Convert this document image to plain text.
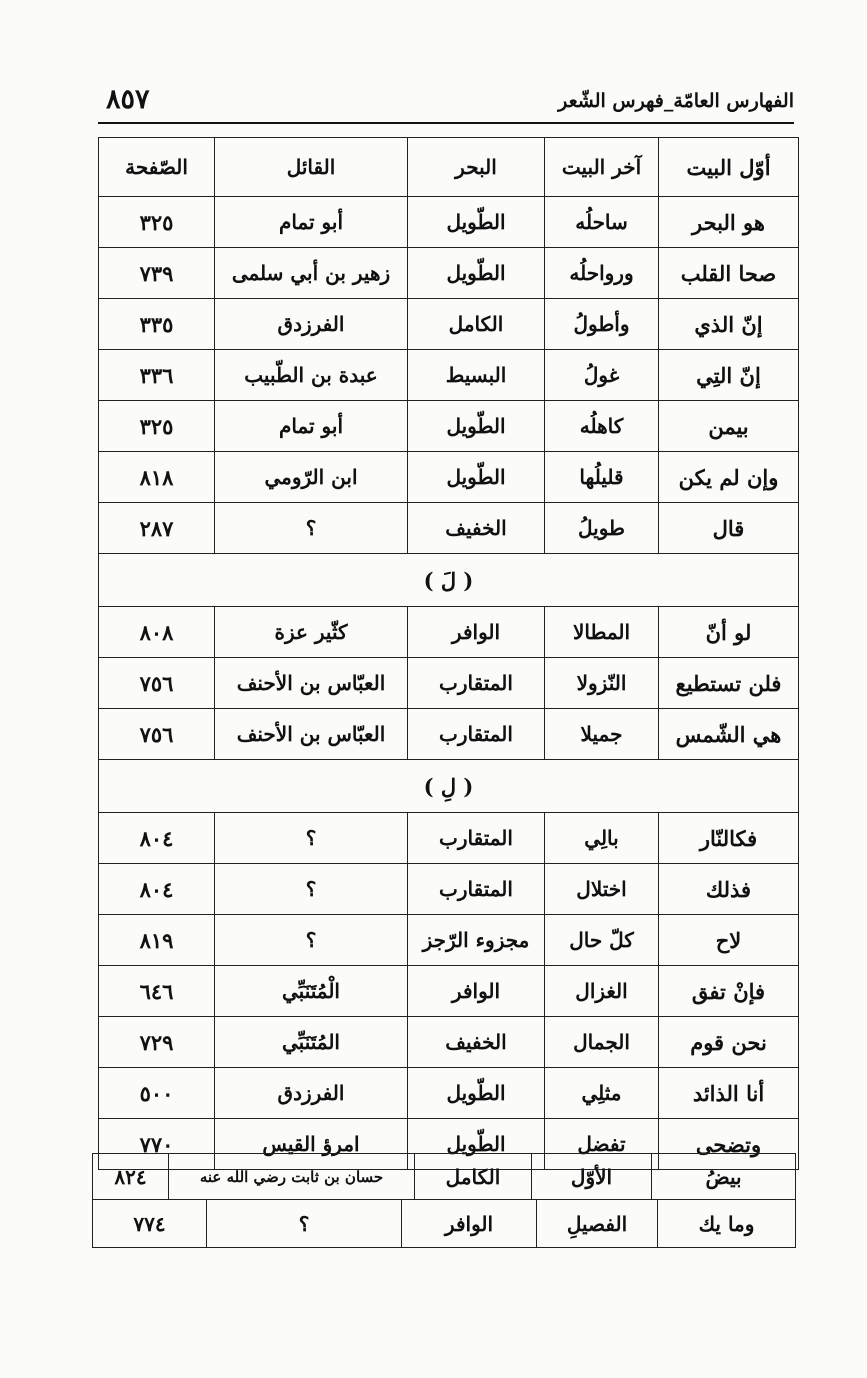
الفهارس العامّة_فهرس الشّعر
٨٥٧
أوّل البيت	آخر البيت	البحر	القائل	الصّفحة
هو البحر	ساحلُه	الطّويل	أبو تمام	٣٢٥
صحا القلب	ورواحلُه	الطّويل	زهير بن أبي سلمى	٧٣٩
إنّ الذي	وأطولُ	الكامل	الفرزدق	٣٣٥
إنّ التِي	غولُ	البسيط	عبدة بن الطّبيب	٣٣٦
بيمن	كاهلُه	الطّويل	أبو تمام	٣٢٥
وإن لم يكن	قليلُها	الطّويل	ابن الرّومي	٨١٨
قال	طويلُ	الخفيف	؟	٢٨٧
( لَ )				
لو أنّ	المطالا	الوافر	كثّير عزة	٨٠٨
فلن تستطيع	النّزولا	المتقارب	العبّاس بن الأحنف	٧٥٦
هي الشّمس	جميلا	المتقارب	العبّاس بن الأحنف	٧٥٦
( لِ )				
فكالنّار	بالِي	المتقارب	؟	٨٠٤
فذلك	اختلال	المتقارب	؟	٨٠٤
لاح	كلّ حال	مجزوء الرّجز	؟	٨١٩
فإنْ تفق	الغزال	الوافر	الْمُتَنَبِّي	٦٤٦
نحن قوم	الجمال	الخفيف	المُتَنَبِّي	٧٢٩
أنا الذائد	مثلِي	الطّويل	الفرزدق	٥٠٠
وتضحى	تفضل	الطّويل	امرؤ القيس	٧٧٠
بيضُ	الأوّل	الكامل	حسان بن ثابت رضي الله عنه	٨٢٤
وما يك	الفصيلِ	الوافر	؟	٧٧٤
